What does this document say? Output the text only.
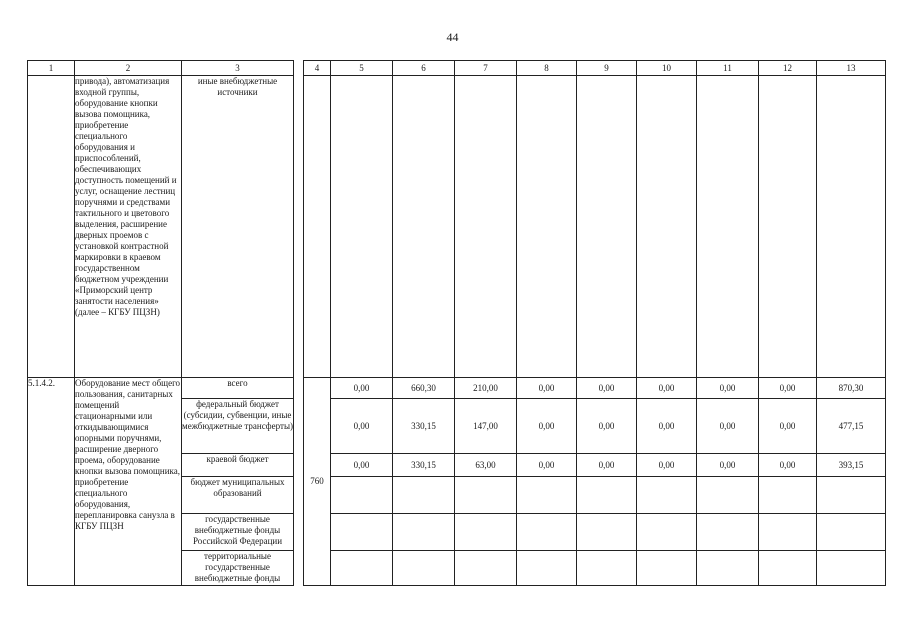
44
1	2	3		4	5	6	7	8	9	10	11	12	13
	привода), автоматизация входной группы, оборудование кнопки вызова помощника, приобретение специального оборудования и приспособлений, обеспечивающих доступность помещений и услуг, оснащение лестниц поручнями и средствами тактильного и цветового выделения, расширение дверных проемов с установкой контрастной маркировки в краевом государственном бюджетном учреждении «Приморский центр занятости населения» (далее – КГБУ ПЦЗН)	иные внебюджетные источники											
5.1.4.2.	Оборудование мест общего пользования, санитарных помещений стационарными или откидывающимися опорными поручнями, расширение дверного проема, оборудование кнопки вызова помощника, приобретение специального оборудования, перепланировка санузла в КГБУ ПЦЗН	всего		760	0,00	660,30	210,00	0,00	0,00	0,00	0,00	0,00	870,30
		федеральный бюджет (субсидии, субвенции, иные межбюджетные трансферты)			0,00	330,15	147,00	0,00	0,00	0,00	0,00	0,00	477,15
		краевой бюджет			0,00	330,15	63,00	0,00	0,00	0,00	0,00	0,00	393,15
		бюджет муниципальных образований											
		государственные внебюджетные фонды Российской Федерации											
		территориальные государственные внебюджетные фонды											
